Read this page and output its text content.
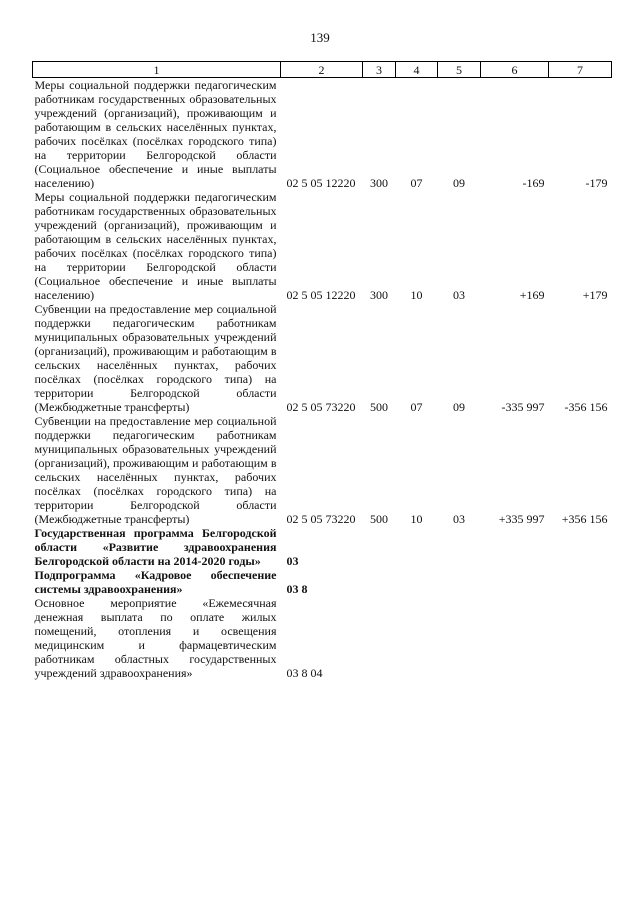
139
1	2	3	4	5	6	7
Меры социальной поддержки педагогическим работникам государственных образовательных учреждений (организаций), проживающим и работающим в сельских населённых пунктах, рабочих посёлках (посёлках городского типа) на территории Белгородской области (Социальное обеспечение и иные выплаты населению)	02 5 05 12220	300	07	09	-169	-179
Меры социальной поддержки педагогическим работникам государственных образовательных учреждений (организаций), проживающим и работающим в сельских населённых пунктах, рабочих посёлках (посёлках городского типа) на территории Белгородской области (Социальное обеспечение и иные выплаты населению)	02 5 05 12220	300	10	03	+169	+179
Субвенции на предоставление мер социальной поддержки педагогическим работникам муниципальных образовательных учреждений (организаций), проживающим и работающим в сельских населённых пунктах, рабочих посёлках (посёлках городского типа) на территории Белгородской области (Межбюджетные трансферты)	02 5 05 73220	500	07	09	-335 997	-356 156
Субвенции на предоставление мер социальной поддержки педагогическим работникам муниципальных образовательных учреждений (организаций), проживающим и работающим в сельских населённых пунктах, рабочих посёлках (посёлках городского типа) на территории Белгородской области (Межбюджетные трансферты)	02 5 05 73220	500	10	03	+335 997	+356 156
Государственная программа Белгородской области «Развитие здравоохранения Белгородской области на 2014-2020 годы»	03					
Подпрограмма «Кадровое обеспечение системы здравоохранения»	03 8					
Основное мероприятие «Ежемесячная денежная выплата по оплате жилых помещений, отопления и освещения медицинским и фармацевтическим работникам областных государственных учреждений здравоохранения»	03 8 04					
